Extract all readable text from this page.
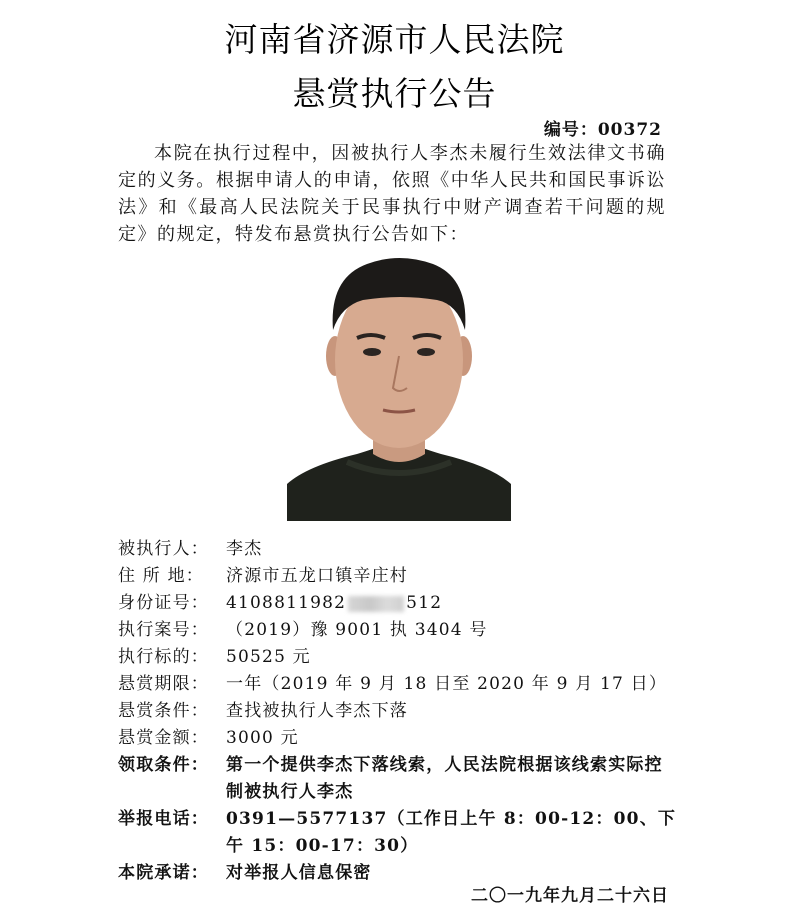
河南省济源市人民法院
悬赏执行公告
编号：00372

本院在执行过程中，因被执行人李杰未履行生效法律文书确定的义务。根据申请人的申请，依照《中华人民共和国民事诉讼法》和《最高人民法院关于民事执行中财产调查若干问题的规定》的规定，特发布悬赏执行公告如下：

被执行人：	李杰
住 所 地：	济源市五龙口镇辛庄村
身份证号：	4108811982	512
执行案号：	（2019）豫 9001 执 3404 号
执行标的：	50525 元
悬赏期限：	一年（2019 年 9 月 18 日至 2020 年 9 月 17 日）
悬赏条件：	查找被执行人李杰下落
悬赏金额：	3000 元
领取条件：	第一个提供李杰下落线索，人民法院根据该线索实际控制被执行人李杰
举报电话：	0391—5577137（工作日上午 8：00-12：00、下午 15：00-17：30）
本院承诺：	对举报人信息保密
二〇一九年九月二十六日
